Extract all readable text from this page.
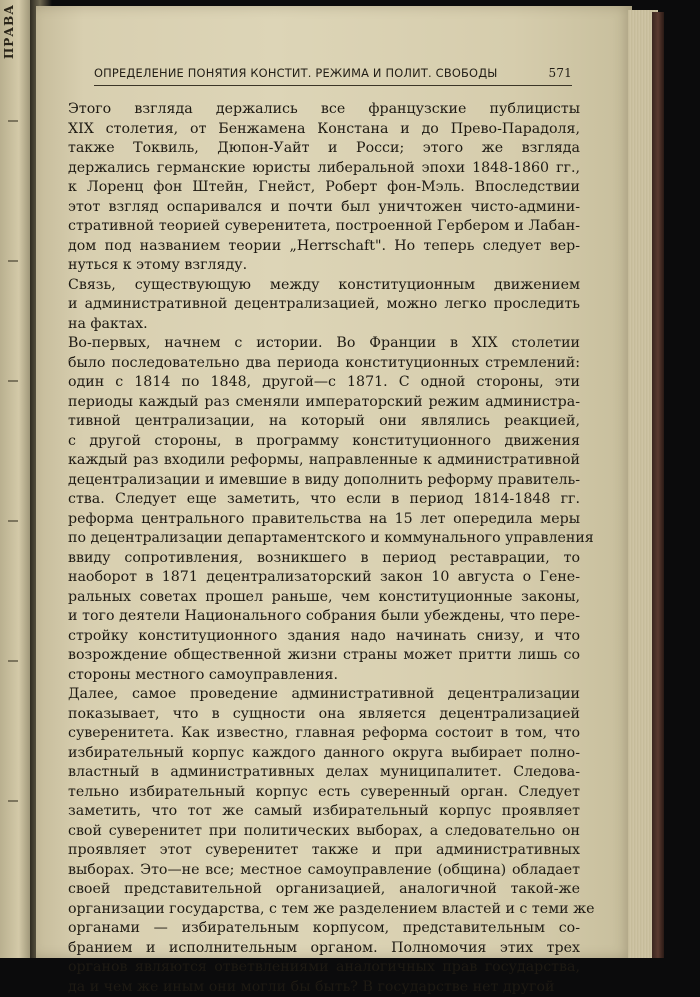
ПРАВА
ОПРЕДЕЛЕНИЕ ПОНЯТИЯ КОНСТИТ. РЕЖИМА И ПОЛИТ. СВОБОДЫ	571
Этого взгляда держались все французские публицисты
XIX столетия, от Бенжамена Констана и до Прево-Парадоля,
также Токвиль, Дюпон-Уайт и Росси; этого же взгляда
держались германские юристы либеральной эпохи 1848-1860 гг.,
к Лоренц фон Штейн, Гнейст, Роберт фон-Мэль. Впоследствии
этот взгляд оспаривался и почти был уничтожен чисто-админи-
стративной теорией суверенитета, построенной Гербером и Лабан-
дом под названием теории „Herrschaft". Но теперь следует вер-
нуться к этому взгляду.
Связь, существующую между конституционным движением
и административной децентрализацией, можно легко проследить
на фактах.
Во-первых, начнем с истории. Во Франции в XIX столетии
было последовательно два периода конституционных стремлений:
один с 1814 по 1848, другой—с 1871. С одной стороны, эти
периоды каждый раз сменяли императорский режим администра-
тивной централизации, на который они являлись реакцией,
с другой стороны, в программу конституционного движения
каждый раз входили реформы, направленные к административной
децентрализации и имевшие в виду дополнить реформу правитель-
ства. Следует еще заметить, что если в период 1814-1848 гг.
реформа центрального правительства на 15 лет опередила меры
по децентрализации департаментского и коммунального управления
ввиду сопротивления, возникшего в период реставрации, то
наоборот в 1871 децентрализаторский закон 10 августа о Гене-
ральных советах прошел раньше, чем конституционные законы,
и того деятели Национального собрания были убеждены, что пере-
стройку конституционного здания надо начинать снизу, и что
возрождение общественной жизни страны может притти лишь со
стороны местного самоуправления.
Далее, самое проведение административной децентрализации
показывает, что в сущности она является децентрализацией
суверенитета. Как известно, главная реформа состоит в том, что
избирательный корпус каждого данного округа выбирает полно-
властный в административных делах муниципалитет. Следова-
тельно избирательный корпус есть суверенный орган. Следует
заметить, что тот же самый избирательный корпус проявляет
свой суверенитет при политических выборах, а следовательно он
проявляет этот суверенитет также и при административных
выборах. Это—не все; местное самоуправление (община) обладает
своей представительной организацией, аналогичной такой-же
организации государства, с тем же разделением властей и с теми же
органами — избирательным корпусом, представительным со-
бранием и исполнительным органом. Полномочия этих трех
органов являются ответвлениями аналогичных прав государства,
да и чем же иным они могли бы быть? В государстве нет другой
